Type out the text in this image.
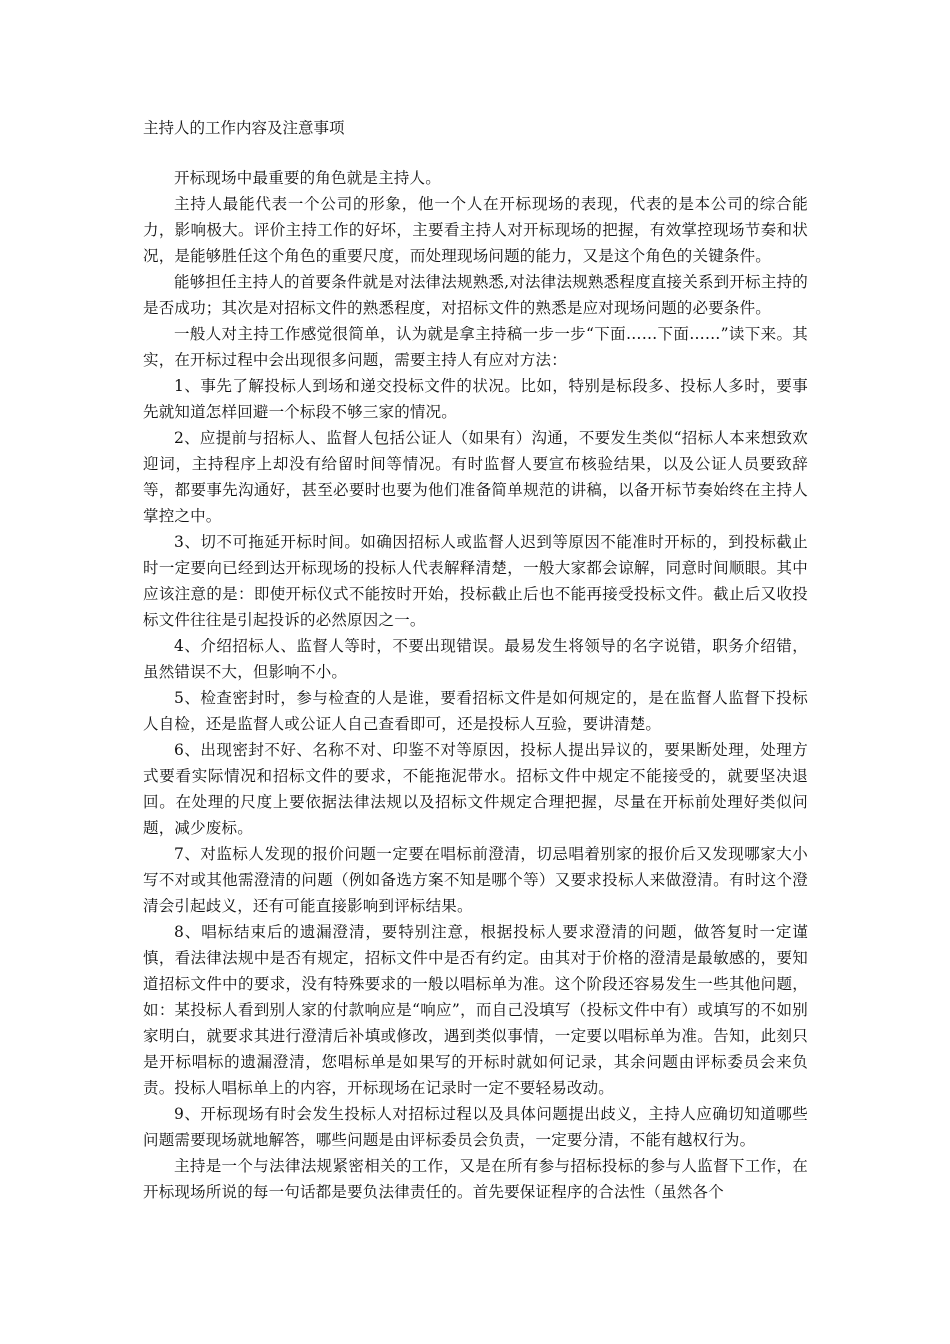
主持人的工作内容及注意事项

开标现场中最重要的角色就是主持人。

主持人最能代表一个公司的形象，他一个人在开标现场的表现，代表的是本公司的综合能力，影响极大。评价主持工作的好坏，主要看主持人对开标现场的把握，有效掌控现场节奏和状况，是能够胜任这个角色的重要尺度，而处理现场问题的能力，又是这个角色的关键条件。

能够担任主持人的首要条件就是对法律法规熟悉,对法律法规熟悉程度直接关系到开标主持的是否成功；其次是对招标文件的熟悉程度，对招标文件的熟悉是应对现场问题的必要条件。

一般人对主持工作感觉很简单，认为就是拿主持稿一步一步“下面……下面……”读下来。其实，在开标过程中会出现很多问题，需要主持人有应对方法：

1、事先了解投标人到场和递交投标文件的状况。比如，特别是标段多、投标人多时，要事先就知道怎样回避一个标段不够三家的情况。

2、应提前与招标人、监督人包括公证人（如果有）沟通，不要发生类似“招标人本来想致欢迎词，主持程序上却没有给留时间等情况。有时监督人要宣布核验结果，以及公证人员要致辞等，都要事先沟通好，甚至必要时也要为他们准备简单规范的讲稿，以备开标节奏始终在主持人掌控之中。

3、切不可拖延开标时间。如确因招标人或监督人迟到等原因不能准时开标的，到投标截止时一定要向已经到达开标现场的投标人代表解释清楚，一般大家都会谅解，同意时间顺眼。其中应该注意的是：即使开标仪式不能按时开始，投标截止后也不能再接受投标文件。截止后又收投标文件往往是引起投诉的必然原因之一。

4、介绍招标人、监督人等时，不要出现错误。最易发生将领导的名字说错，职务介绍错，虽然错误不大，但影响不小。

5、检查密封时，参与检查的人是谁，要看招标文件是如何规定的，是在监督人监督下投标人自检，还是监督人或公证人自己查看即可，还是投标人互验，要讲清楚。

6、出现密封不好、名称不对、印鉴不对等原因，投标人提出异议的，要果断处理，处理方式要看实际情况和招标文件的要求，不能拖泥带水。招标文件中规定不能接受的，就要坚决退回。在处理的尺度上要依据法律法规以及招标文件规定合理把握，尽量在开标前处理好类似问题，减少废标。

7、对监标人发现的报价问题一定要在唱标前澄清，切忌唱着别家的报价后又发现哪家大小写不对或其他需澄清的问题（例如备选方案不知是哪个等）又要求投标人来做澄清。有时这个澄清会引起歧义，还有可能直接影响到评标结果。

8、唱标结束后的遗漏澄清，要特别注意，根据投标人要求澄清的问题，做答复时一定谨慎，看法律法规中是否有规定，招标文件中是否有约定。由其对于价格的澄清是最敏感的，要知道招标文件中的要求，没有特殊要求的一般以唱标单为准。这个阶段还容易发生一些其他问题，如：某投标人看到别人家的付款响应是“响应”，而自己没填写（投标文件中有）或填写的不如别家明白，就要求其进行澄清后补填或修改，遇到类似事情，一定要以唱标单为准。告知，此刻只是开标唱标的遗漏澄清，您唱标单是如果写的开标时就如何记录，其余问题由评标委员会来负责。投标人唱标单上的内容，开标现场在记录时一定不要轻易改动。

9、开标现场有时会发生投标人对招标过程以及具体问题提出歧义，主持人应确切知道哪些问题需要现场就地解答，哪些问题是由评标委员会负责，一定要分清，不能有越权行为。

主持是一个与法律法规紧密相关的工作，又是在所有参与招标投标的参与人监督下工作，在开标现场所说的每一句话都是要负法律责任的。首先要保证程序的合法性（虽然各个
